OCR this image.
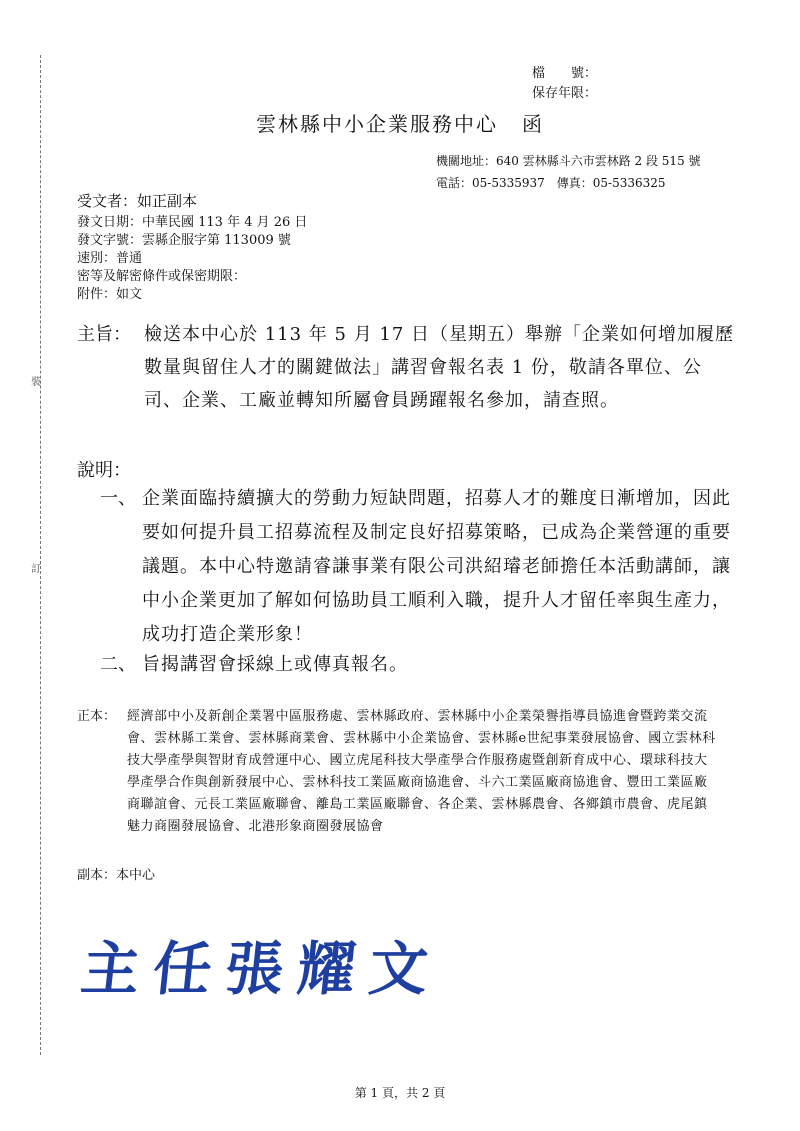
裝
訂
檔　　號：
保存年限：
雲林縣中小企業服務中心 函
機關地址：640 雲林縣斗六市雲林路 2 段 515 號
電話：05-5335937　傳真：05-5336325
受文者：如正副本
發文日期：中華民國 113 年 4 月 26 日
發文字號：雲縣企服字第 113009 號
速別：普通
密等及解密條件或保密期限：
附件：如文
主旨： 檢送本中心於 113 年 5 月 17 日（星期五）舉辦「企業如何增加履歷數量與留住人才的關鍵做法」講習會報名表 1 份，敬請各單位、公司、企業、工廠並轉知所屬會員踴躍報名參加，請查照。
說明：
一、 企業面臨持續擴大的勞動力短缺問題，招募人才的難度日漸增加，因此要如何提升員工招募流程及制定良好招募策略，已成為企業營運的重要議題。本中心特邀請睿謙事業有限公司洪紹璿老師擔任本活動講師，讓中小企業更加了解如何協助員工順利入職，提升人才留任率與生產力，成功打造企業形象！
二、 旨揭講習會採線上或傳真報名。
正本： 經濟部中小及新創企業署中區服務處、雲林縣政府、雲林縣中小企業榮譽指導員協進會暨跨業交流會、雲林縣工業會、雲林縣商業會、雲林縣中小企業協會、雲林縣e世紀事業發展協會、國立雲林科技大學產學與智財育成營運中心、國立虎尾科技大學產學合作服務處暨創新育成中心、環球科技大學產學合作與創新發展中心、雲林科技工業區廠商協進會、斗六工業區廠商協進會、豐田工業區廠商聯誼會、元長工業區廠聯會、離島工業區廠聯會、各企業、雲林縣農會、各鄉鎮市農會、虎尾鎮魅力商圈發展協會、北港形象商圈發展協會
副本：本中心
主任張耀文
第 1 頁，共 2 頁
